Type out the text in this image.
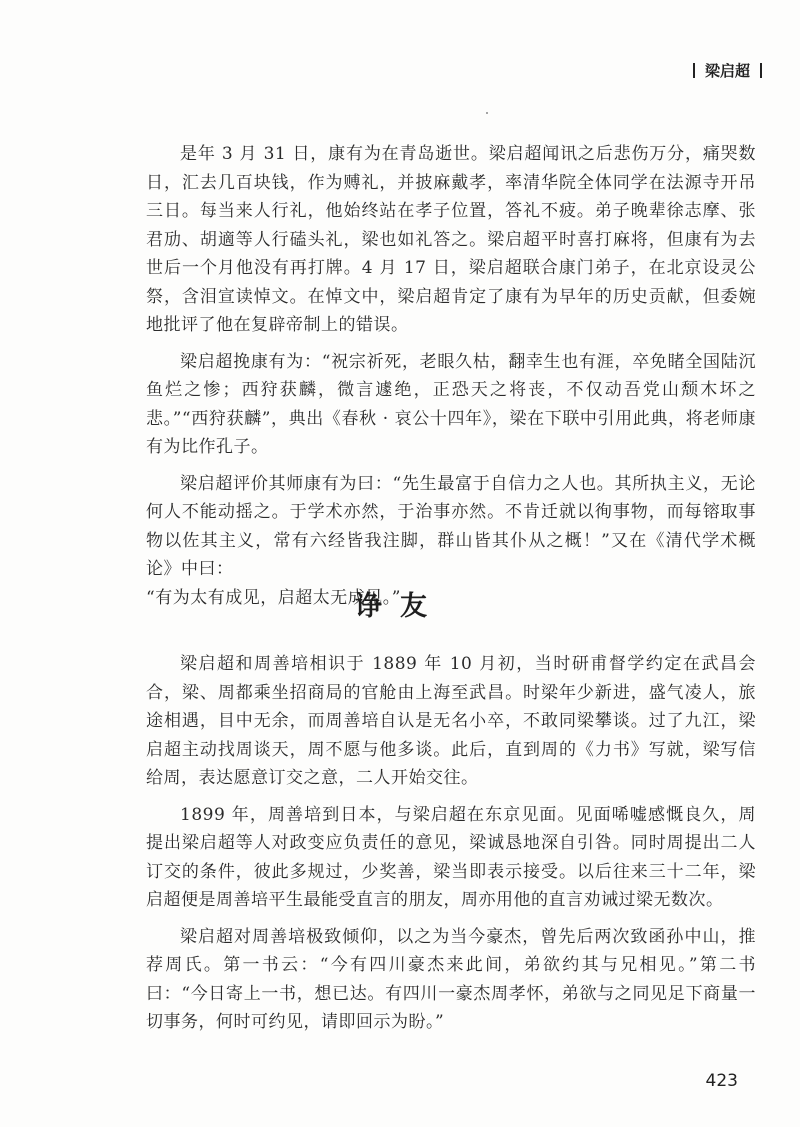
梁启超

是年 3 月 31 日，康有为在青岛逝世。梁启超闻讯之后悲伤万分，痛哭数日，汇去几百块钱，作为赙礼，并披麻戴孝，率清华院全体同学在法源寺开吊三日。每当来人行礼，他始终站在孝子位置，答礼不疲。弟子晚辈徐志摩、张君劢、胡適等人行磕头礼，梁也如礼答之。梁启超平时喜打麻将，但康有为去世后一个月他没有再打牌。4 月 17 日，梁启超联合康门弟子，在北京设灵公祭，含泪宣读悼文。在悼文中，梁启超肯定了康有为早年的历史贡献，但委婉地批评了他在复辟帝制上的错误。

梁启超挽康有为：“祝宗祈死，老眼久枯，翻幸生也有涯，卒免睹全国陆沉鱼烂之惨；西狩获麟，微言遽绝，正恐天之将丧，不仅动吾党山颓木坏之悲。”“西狩获麟”，典出《春秋 · 哀公十四年》，梁在下联中引用此典，将老师康有为比作孔子。

梁启超评价其师康有为曰：“先生最富于自信力之人也。其所执主义，无论何人不能动摇之。于学术亦然，于治事亦然。不肯迁就以徇事物，而每镕取事物以佐其主义，常有六经皆我注脚，群山皆其仆从之概！”又在《清代学术概论》中曰：

“有为太有成见，启超太无成见。”

诤友

梁启超和周善培相识于 1889 年 10 月初，当时研甫督学约定在武昌会合，梁、周都乘坐招商局的官舱由上海至武昌。时梁年少新进，盛气凌人，旅途相遇，目中无余，而周善培自认是无名小卒，不敢同梁攀谈。过了九江，梁启超主动找周谈天，周不愿与他多谈。此后，直到周的《力书》写就，梁写信给周，表达愿意订交之意，二人开始交往。

1899 年，周善培到日本，与梁启超在东京见面。见面唏嘘感慨良久，周提出梁启超等人对政变应负责任的意见，梁诚恳地深自引咎。同时周提出二人订交的条件，彼此多规过，少奖善，梁当即表示接受。以后往来三十二年，梁启超便是周善培平生最能受直言的朋友，周亦用他的直言劝诫过梁无数次。

梁启超对周善培极致倾仰，以之为当今豪杰，曾先后两次致函孙中山，推荐周氏。第一书云：“今有四川豪杰来此间，弟欲约其与兄相见。”第二书曰：“今日寄上一书，想已达。有四川一豪杰周孝怀，弟欲与之同见足下商量一切事务，何时可约见，请即回示为盼。”

423
